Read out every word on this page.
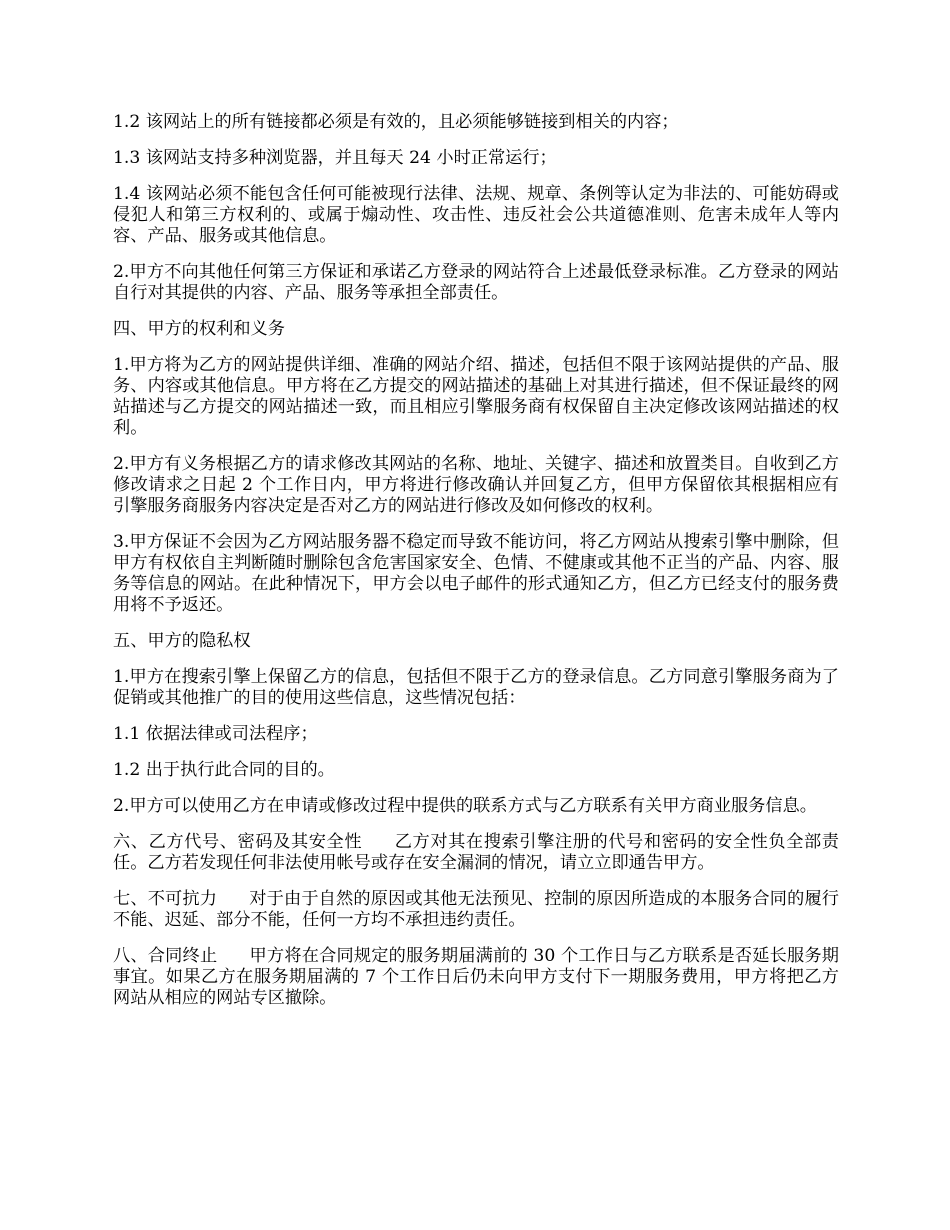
1.2 该网站上的所有链接都必须是有效的，且必须能够链接到相关的内容；

1.3 该网站支持多种浏览器，并且每天 24 小时正常运行；

1.4 该网站必须不能包含任何可能被现行法律、法规、规章、条例等认定为非法的、可能妨碍或侵犯人和第三方权利的、或属于煽动性、攻击性、违反社会公共道德准则、危害未成年人等内容、产品、服务或其他信息。

2.甲方不向其他任何第三方保证和承诺乙方登录的网站符合上述最低登录标准。乙方登录的网站自行对其提供的内容、产品、服务等承担全部责任。

四、甲方的权利和义务

1.甲方将为乙方的网站提供详细、准确的网站介绍、描述，包括但不限于该网站提供的产品、服务、内容或其他信息。甲方将在乙方提交的网站描述的基础上对其进行描述，但不保证最终的网站描述与乙方提交的网站描述一致，而且相应引擎服务商有权保留自主决定修改该网站描述的权利。

2.甲方有义务根据乙方的请求修改其网站的名称、地址、关键字、描述和放置类目。自收到乙方修改请求之日起 2 个工作日内，甲方将进行修改确认并回复乙方，但甲方保留依其根据相应有引擎服务商服务内容决定是否对乙方的网站进行修改及如何修改的权利。

3.甲方保证不会因为乙方网站服务器不稳定而导致不能访问，将乙方网站从搜索引擎中删除，但甲方有权依自主判断随时删除包含危害国家安全、色情、不健康或其他不正当的产品、内容、服务等信息的网站。在此种情况下，甲方会以电子邮件的形式通知乙方，但乙方已经支付的服务费用将不予返还。

五、甲方的隐私权

1.甲方在搜索引擎上保留乙方的信息，包括但不限于乙方的登录信息。乙方同意引擎服务商为了促销或其他推广的目的使用这些信息，这些情况包括：

1.1 依据法律或司法程序；

1.2 出于执行此合同的目的。

2.甲方可以使用乙方在申请或修改过程中提供的联系方式与乙方联系有关甲方商业服务信息。

六、乙方代号、密码及其安全性 乙方对其在搜索引擎注册的代号和密码的安全性负全部责任。乙方若发现任何非法使用帐号或存在安全漏洞的情况，请立立即通告甲方。

七、不可抗力 对于由于自然的原因或其他无法预见、控制的原因所造成的本服务合同的履行不能、迟延、部分不能，任何一方均不承担违约责任。

八、合同终止 甲方将在合同规定的服务期届满前的 30 个工作日与乙方联系是否延长服务期事宜。如果乙方在服务期届满的 7 个工作日后仍未向甲方支付下一期服务费用，甲方将把乙方网站从相应的网站专区撤除。
